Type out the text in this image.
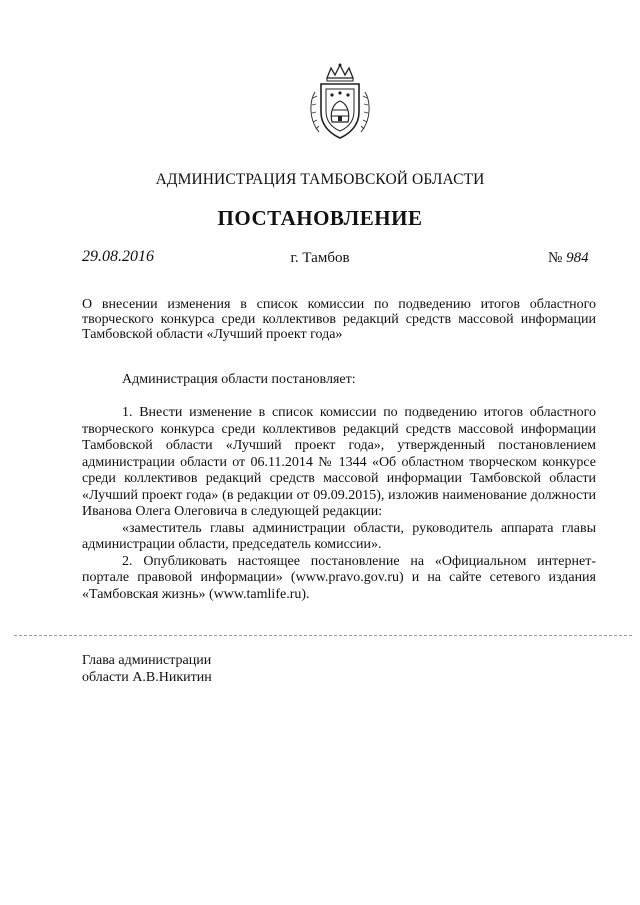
АДМИНИСТРАЦИЯ ТАМБОВСКОЙ ОБЛАСТИ
ПОСТАНОВЛЕНИЕ
29.08.2016	г. Тамбов	№ 984
О внесении изменения в список комиссии по подведению итогов областного творческого конкурса среди коллективов редакций средств массовой информации Тамбовской области «Лучший проект года»
Администрация области постановляет:

1. Внести изменение в список комиссии по подведению итогов областного творческого конкурса среди коллективов редакций средств массовой информации Тамбовской области «Лучший проект года», утвержденный постановлением администрации области от 06.11.2014 № 1344 «Об областном творческом конкурсе среди коллективов редакций средств массовой информации Тамбовской области «Лучший проект года» (в редакции от 09.09.2015), изложив наименование должности Иванова Олега Олеговича в следующей редакции:

«заместитель главы администрации области, руководитель аппарата главы администрации области, председатель комиссии».

2. Опубликовать настоящее постановление на «Официальном интернет-портале правовой информации» (www.pravo.gov.ru) и на сайте сетевого издания «Тамбовская жизнь» (www.tamlife.ru).

Глава администрации
области А.В.Никитин
